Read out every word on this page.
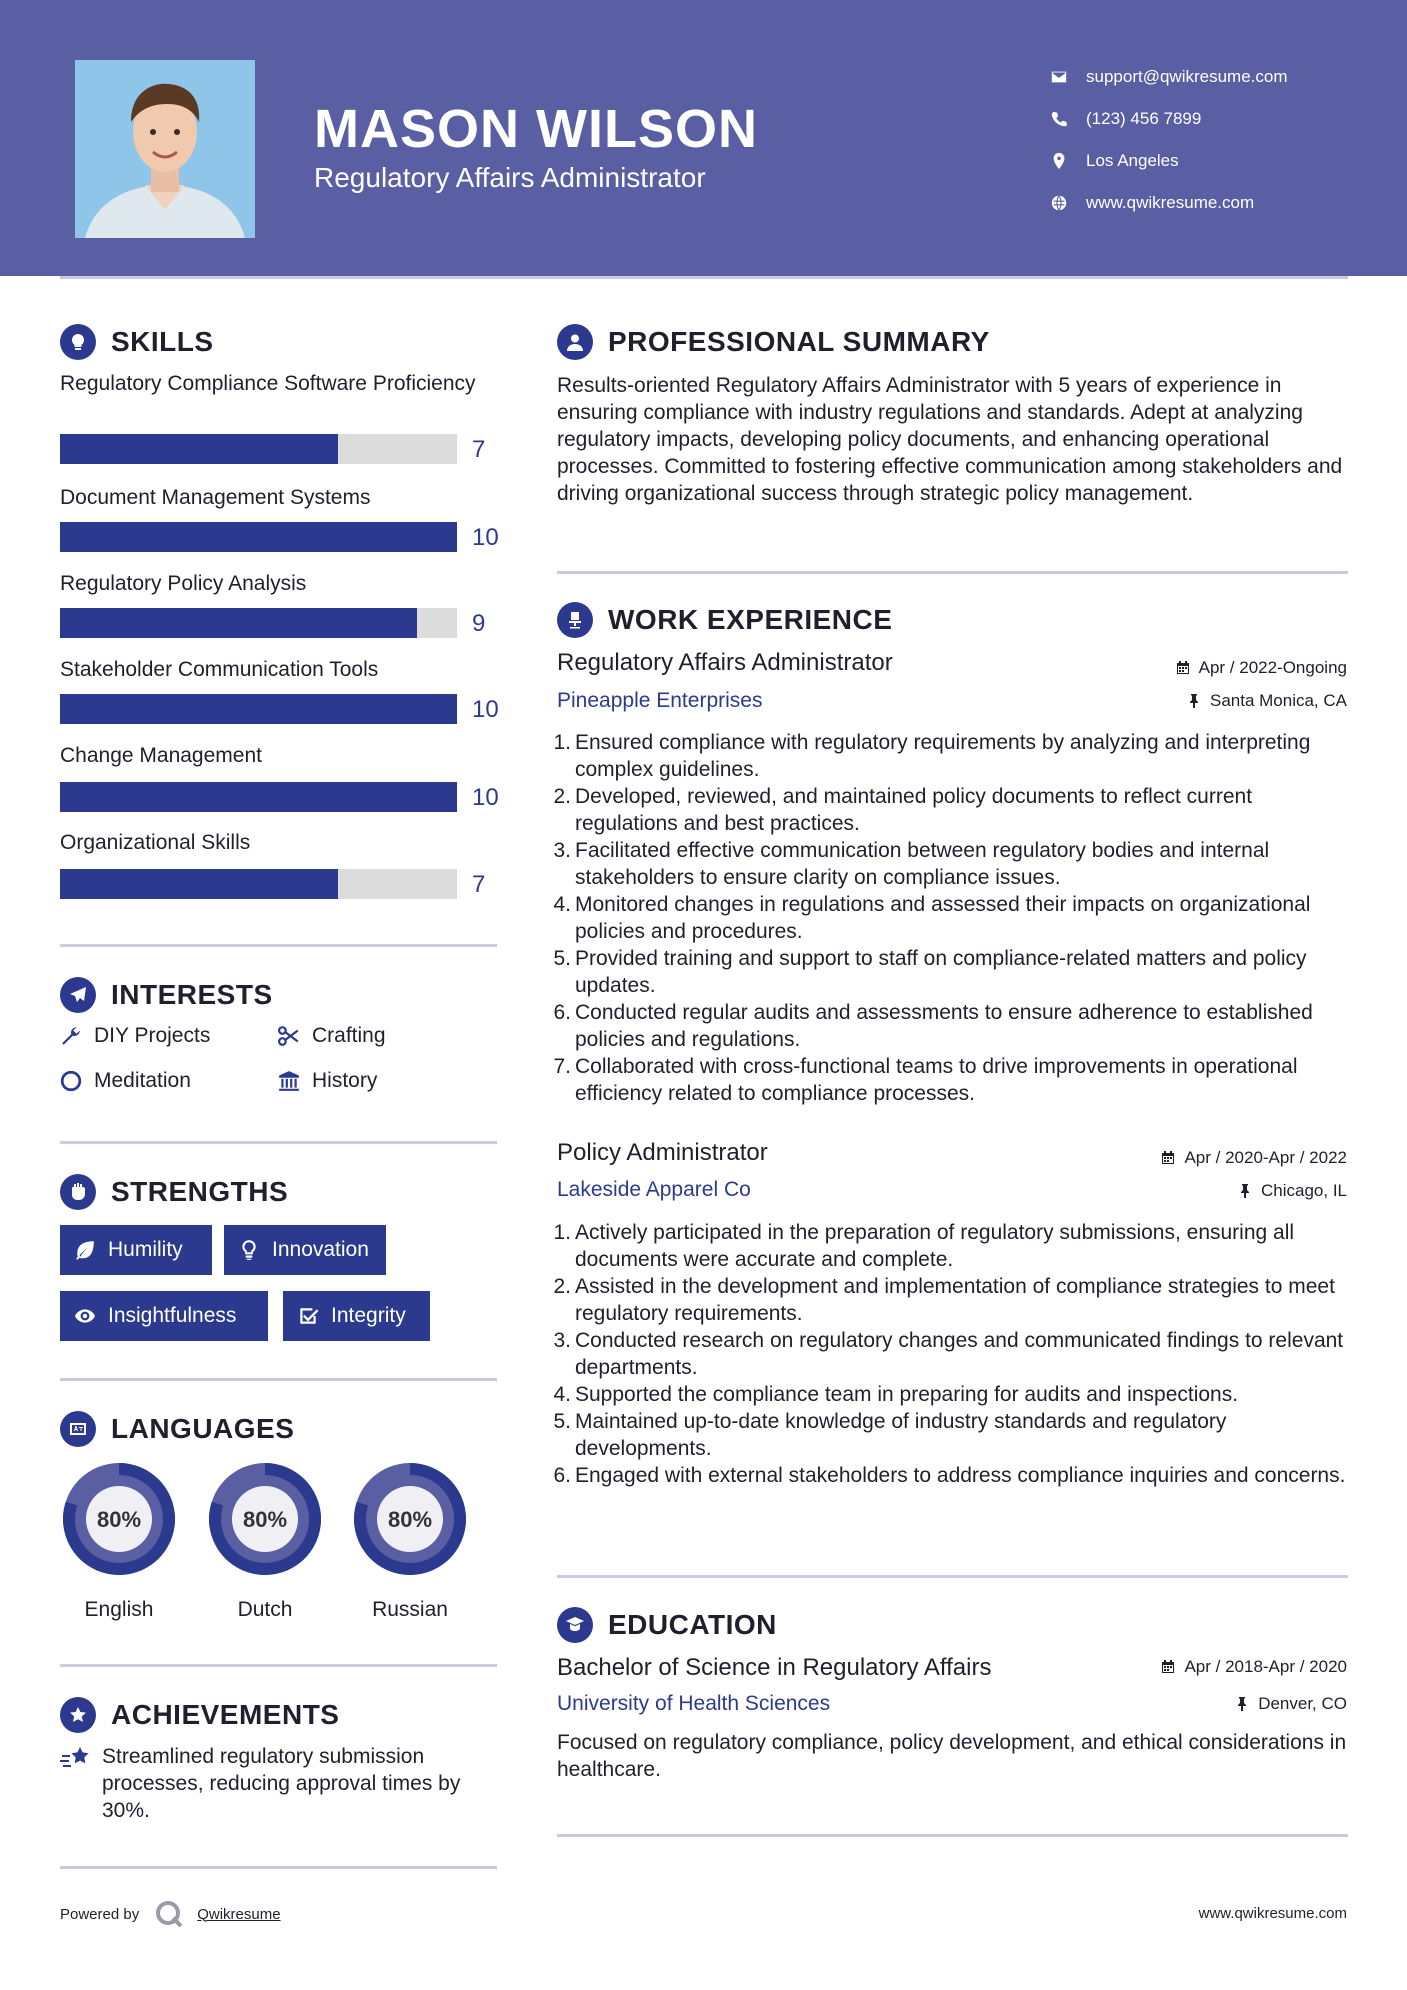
MASON WILSON
Regulatory Affairs Administrator
support@qwikresume.com
(123) 456 7899
Los Angeles
www.qwikresume.com
SKILLS
Regulatory Compliance Software Proficiency
7
Document Management Systems
10
Regulatory Policy Analysis
9
Stakeholder Communication Tools
10
Change Management
10
Organizational Skills
7
INTERESTS
DIY Projects	Crafting
Meditation	History
STRENGTHS
Humility	Innovation
Insightfulness	Integrity
LANGUAGES
80%
English
80%
Dutch
80%
Russian
ACHIEVEMENTS
Streamlined regulatory submission processes, reducing approval times by 30%.
PROFESSIONAL SUMMARY
Results-oriented Regulatory Affairs Administrator with 5 years of experience in ensuring compliance with industry regulations and standards. Adept at analyzing regulatory impacts, developing policy documents, and enhancing operational processes. Committed to fostering effective communication among stakeholders and driving organizational success through strategic policy management.
WORK EXPERIENCE
Regulatory Affairs Administrator	Apr / 2022-Ongoing
Pineapple Enterprises	Santa Monica, CA
1. Ensured compliance with regulatory requirements by analyzing and interpreting complex guidelines.
2. Developed, reviewed, and maintained policy documents to reflect current regulations and best practices.
3. Facilitated effective communication between regulatory bodies and internal stakeholders to ensure clarity on compliance issues.
4. Monitored changes in regulations and assessed their impacts on organizational policies and procedures.
5. Provided training and support to staff on compliance-related matters and policy updates.
6. Conducted regular audits and assessments to ensure adherence to established policies and regulations.
7. Collaborated with cross-functional teams to drive improvements in operational efficiency related to compliance processes.
Policy Administrator	Apr / 2020-Apr / 2022
Lakeside Apparel Co	Chicago, IL
1. Actively participated in the preparation of regulatory submissions, ensuring all documents were accurate and complete.
2. Assisted in the development and implementation of compliance strategies to meet regulatory requirements.
3. Conducted research on regulatory changes and communicated findings to relevant departments.
4. Supported the compliance team in preparing for audits and inspections.
5. Maintained up-to-date knowledge of industry standards and regulatory developments.
6. Engaged with external stakeholders to address compliance inquiries and concerns.
EDUCATION
Bachelor of Science in Regulatory Affairs	Apr / 2018-Apr / 2020
University of Health Sciences	Denver, CO
Focused on regulatory compliance, policy development, and ethical considerations in healthcare.
Powered by	Qwikresume	www.qwikresume.com
